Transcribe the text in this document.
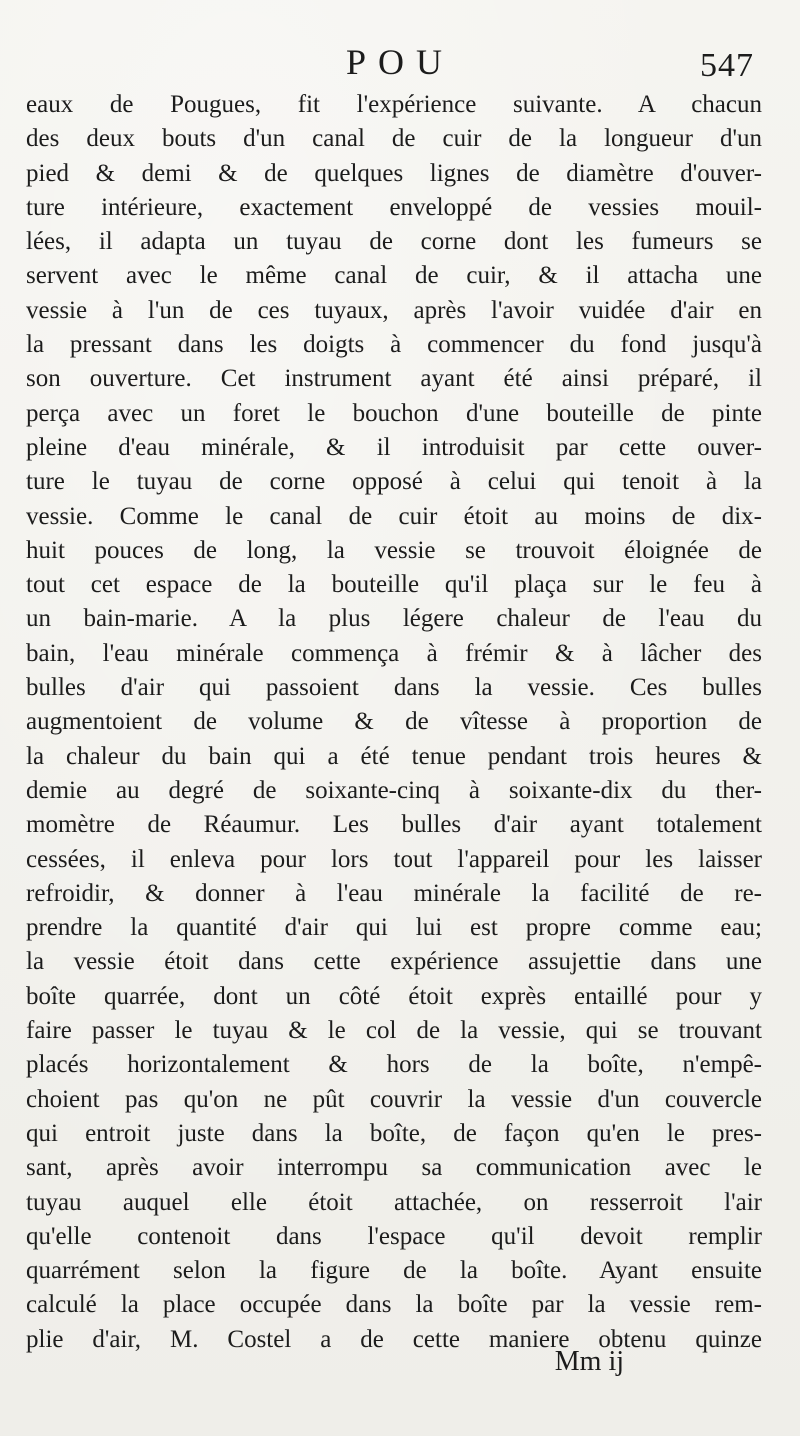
POU	547
eaux de Pougues, fit l'expérience suivante. A chacun
des deux bouts d'un canal de cuir de la longueur d'un
pied & demi & de quelques lignes de diamètre d'ouver-
ture intérieure, exactement enveloppé de vessies mouil-
lées, il adapta un tuyau de corne dont les fumeurs se
servent avec le même canal de cuir, & il attacha une
vessie à l'un de ces tuyaux, après l'avoir vuidée d'air en
la pressant dans les doigts à commencer du fond jusqu'à
son ouverture. Cet instrument ayant été ainsi préparé, il
perça avec un foret le bouchon d'une bouteille de pinte
pleine d'eau minérale, & il introduisit par cette ouver-
ture le tuyau de corne opposé à celui qui tenoit à la
vessie. Comme le canal de cuir étoit au moins de dix-
huit pouces de long, la vessie se trouvoit éloignée de
tout cet espace de la bouteille qu'il plaça sur le feu à
un bain-marie. A la plus légere chaleur de l'eau du
bain, l'eau minérale commença à frémir & à lâcher des
bulles d'air qui passoient dans la vessie. Ces bulles
augmentoient de volume & de vîtesse à proportion de
la chaleur du bain qui a été tenue pendant trois heures &
demie au degré de soixante-cinq à soixante-dix du ther-
momètre de Réaumur. Les bulles d'air ayant totalement
cessées, il enleva pour lors tout l'appareil pour les laisser
refroidir, & donner à l'eau minérale la facilité de re-
prendre la quantité d'air qui lui est propre comme eau;
la vessie étoit dans cette expérience assujettie dans une
boîte quarrée, dont un côté étoit exprès entaillé pour y
faire passer le tuyau & le col de la vessie, qui se trouvant
placés horizontalement & hors de la boîte, n'empê-
choient pas qu'on ne pût couvrir la vessie d'un couvercle
qui entroit juste dans la boîte, de façon qu'en le pres-
sant, après avoir interrompu sa communication avec le
tuyau auquel elle étoit attachée, on resserroit l'air
qu'elle contenoit dans l'espace qu'il devoit remplir
quarrément selon la figure de la boîte. Ayant ensuite
calculé la place occupée dans la boîte par la vessie rem-
plie d'air, M. Costel a de cette maniere obtenu quinze
Mm ij
